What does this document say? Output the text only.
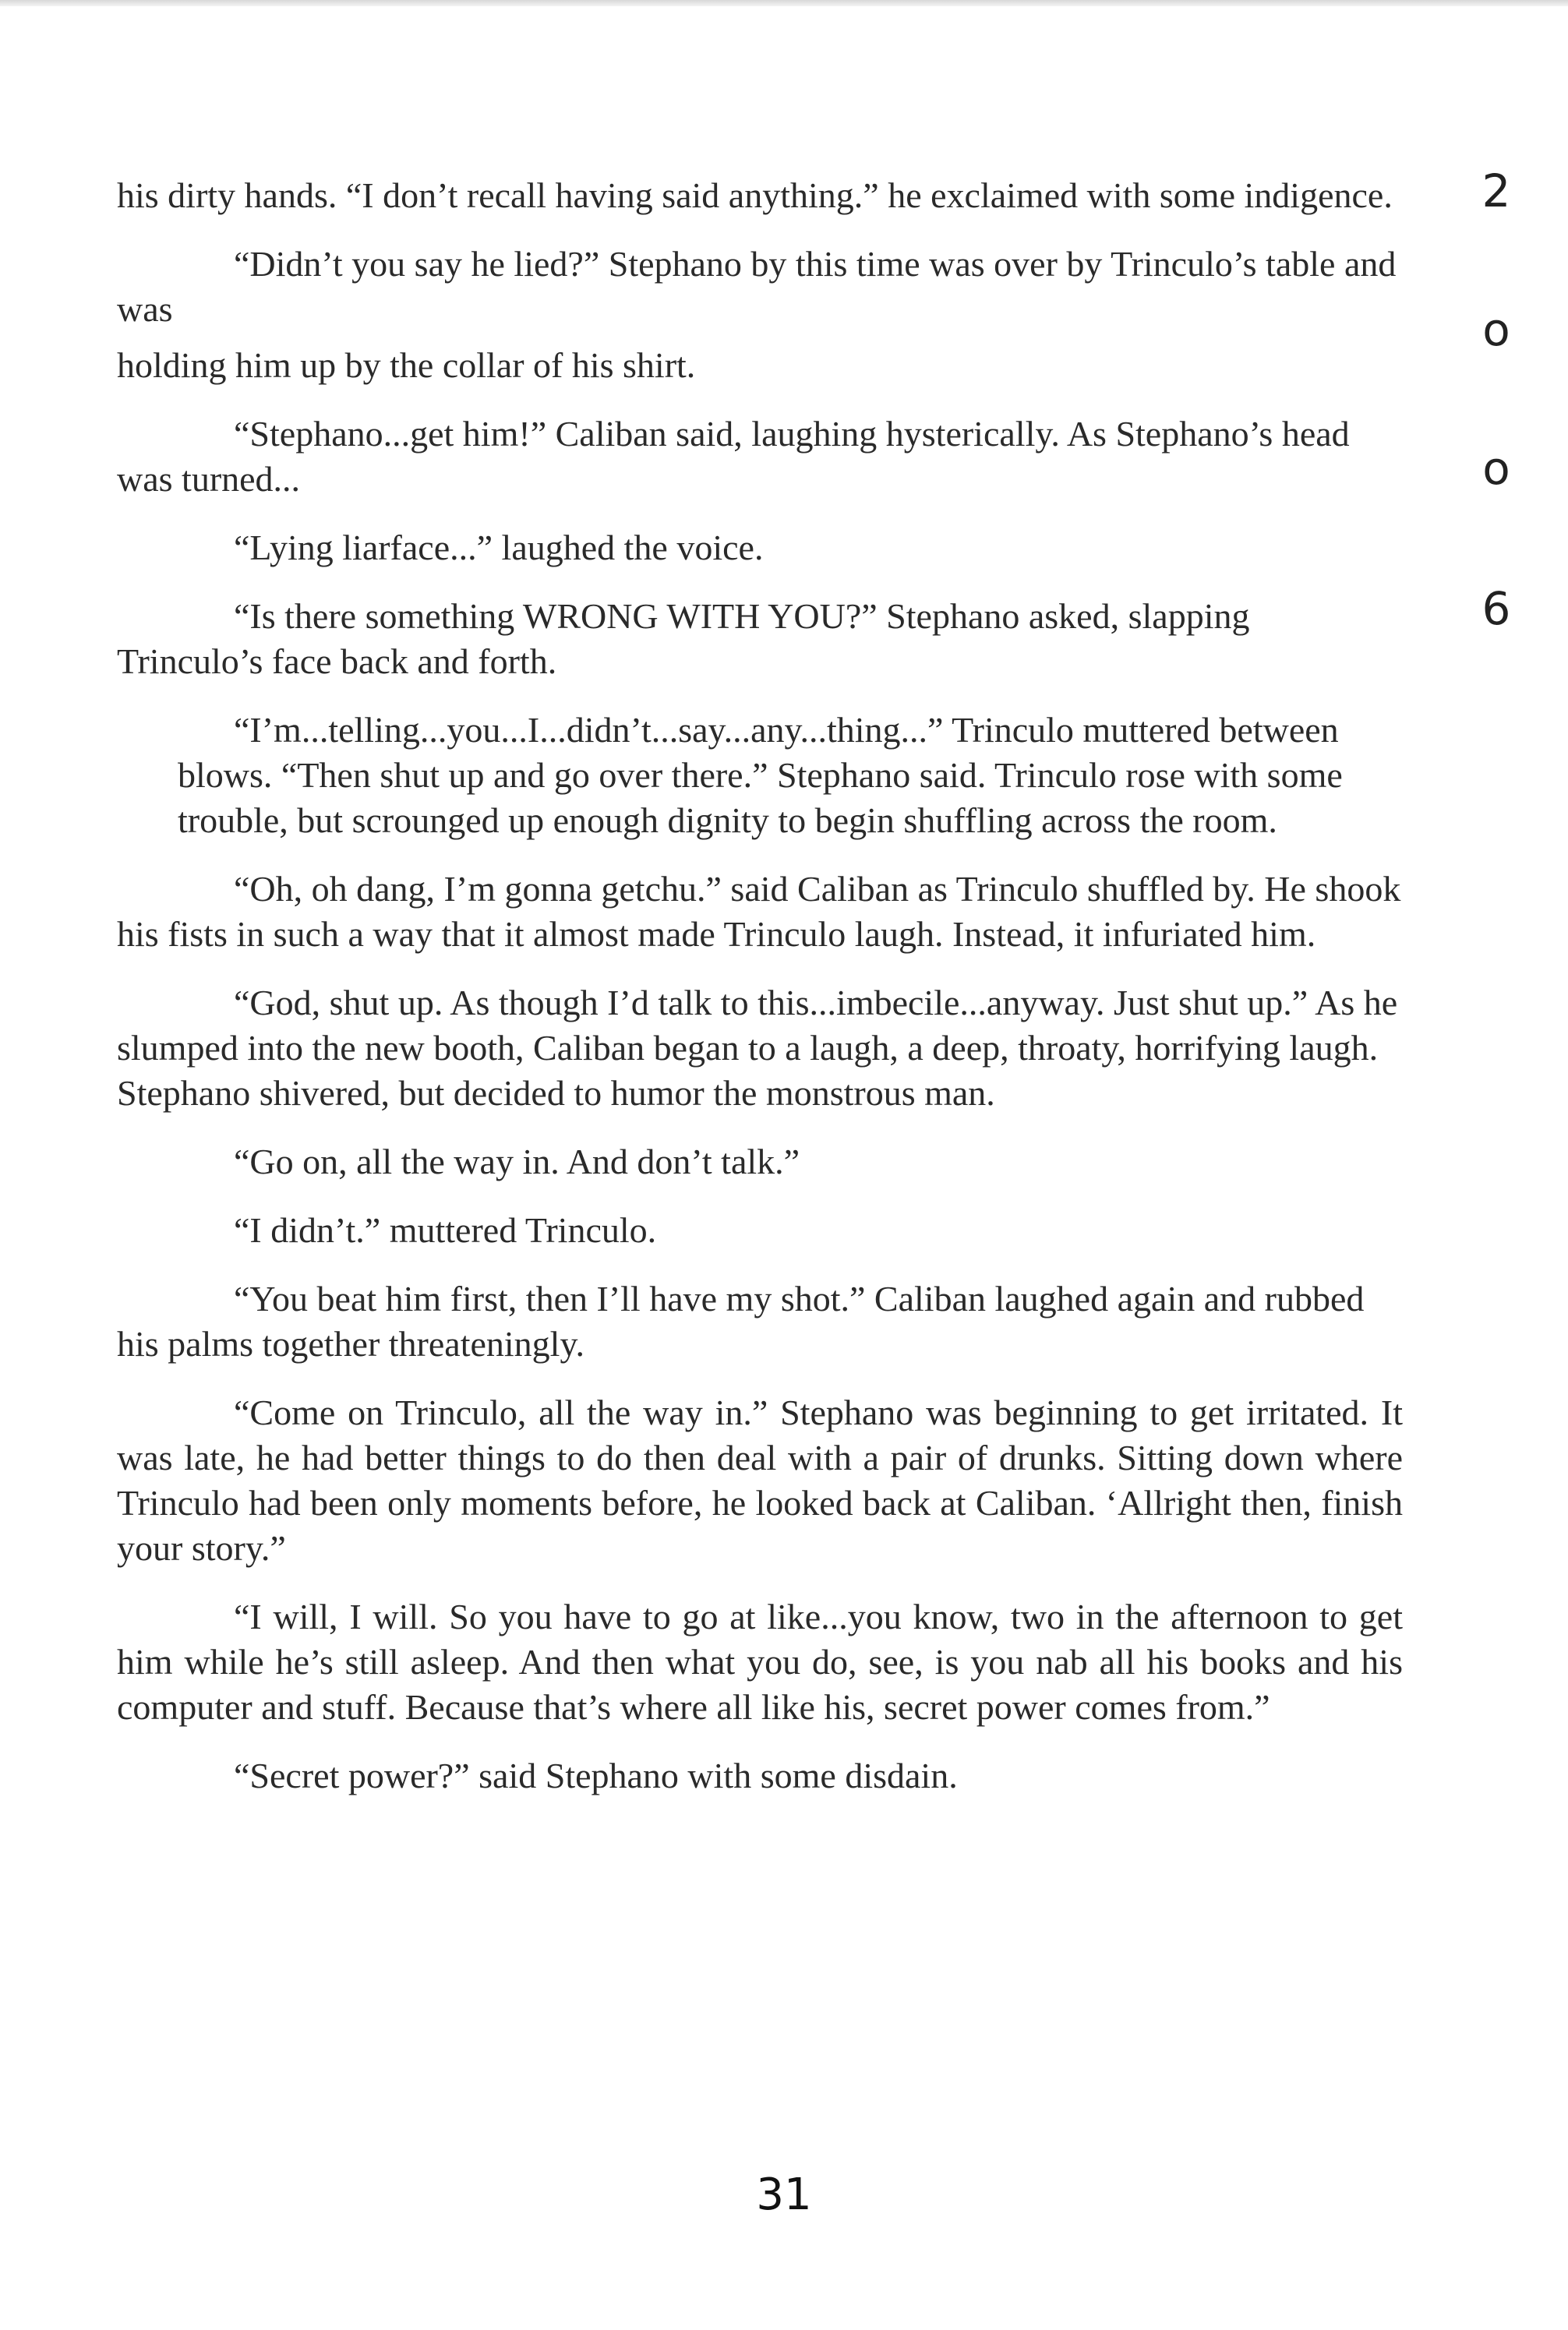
his dirty hands. “I don’t recall having said anything.” he exclaimed with some indigence.

“Didn’t you say he lied?” Stephano by this time was over by Trinculo’s table and was

holding him up by the collar of his shirt.

“Stephano...get him!” Caliban said, laughing hysterically. As Stephano’s head was turned...

“Lying liarface...” laughed the voice.

“Is there something WRONG WITH YOU?” Stephano asked, slapping Trinculo’s face back and forth.

“I’m...telling...you...I...didn’t...say...any...thing...” Trinculo muttered between blows. “Then shut up and go over there.” Stephano said. Trinculo rose with some trouble, but scrounged up enough dignity to begin shuffling across the room.

“Oh, oh dang, I’m gonna getchu.” said Caliban as Trinculo shuffled by. He shook his fists in such a way that it almost made Trinculo laugh. Instead, it infuriated him.

“God, shut up. As though I’d talk to this...imbecile...anyway. Just shut up.” As he slumped into the new booth, Caliban began to a laugh, a deep, throaty, horrifying laugh. Stephano shivered, but decided to humor the monstrous man.

“Go on, all the way in. And don’t talk.”

“I didn’t.” muttered Trinculo.

“You beat him first, then I’ll have my shot.” Caliban laughed again and rubbed his palms together threateningly.

“Come on Trinculo, all the way in.” Stephano was beginning to get irritated. It was late, he had better things to do then deal with a pair of drunks. Sitting down where Trinculo had been only moments before, he looked back at Caliban. ‘Allright then, finish your story.”

“I will, I will. So you have to go at like...you know, two in the afternoon to get him while he’s still asleep. And then what you do, see, is you nab all his books and his computer and stuff. Because that’s where all like his, secret power comes from.”

“Secret power?” said Stephano with some disdain.

2
o
o
6
31
